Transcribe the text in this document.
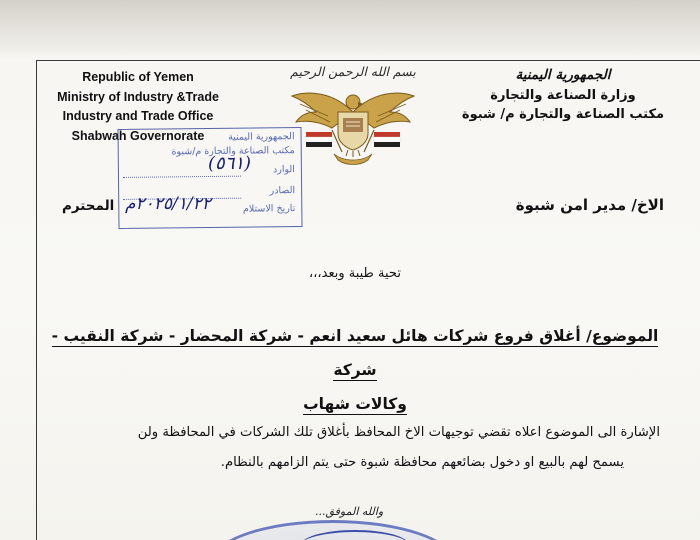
Republic of Yemen
Ministry of Industry &Trade
Industry and Trade Office
Shabwah Governorate
الجمهورية اليمنية
وزارة الصناعة والتجارة
مكتب الصناعة والتجارة م/ شبوة
بسم الله الرحمن الرحيم
الجمهورية اليمنية
مكتب الصناعة والتجارة م/شبوة
الوارد
الصادر
تاريخ الاستلام
(٥٦١)
٢٠٢٥/١/٢٢م
المحترم	الاخ/ مدير امن شبوة
تحية طيبة وبعد،،،
الموضوع/ أغلاق فروع شركات هائل سعيد انعم - شركة المحضار - شركة النقيب - شركة
وكالات شهاب
الإشارة الى الموضوع اعلاه تقضي توجيهات الاخ المحافظ بأغلاق تلك الشركات في المحافظة ولن
يسمح لهم بالبيع او دخول بضائعهم محافظة شبوة حتى يتم الزامهم بالنظام.
والله الموفق...
